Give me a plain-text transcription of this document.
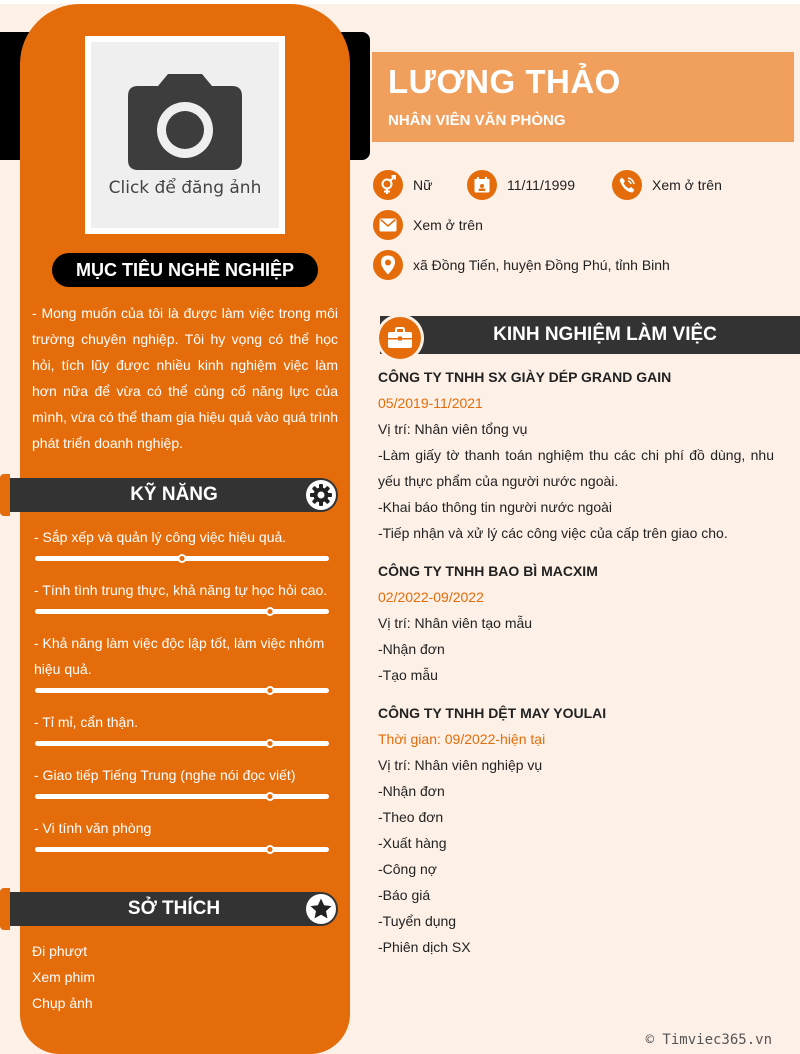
Click để đăng ảnh
MỤC TIÊU NGHỀ NGHIỆP
- Mong muốn của tôi là được làm việc trong môi trường chuyên nghiệp. Tôi hy vọng có thể học hỏi, tích lũy được nhiều kinh nghiệm việc làm hơn nữa để vừa có thể củng cố năng lực của mình, vừa có thể tham gia hiệu quả vào quá trình phát triển doanh nghiệp.
KỸ NĂNG
- Sắp xếp và quản lý công việc hiệu quả.
- Tính tình trung thực, khả năng tự học hỏi cao.
- Khả năng làm việc độc lập tốt, làm việc nhóm hiệu quả.
- Tỉ mỉ, cẩn thận.
- Giao tiếp Tiếng Trung (nghe nói đọc viết)
- Vi tính văn phòng
SỞ THÍCH
Đi phượt
Xem phim
Chụp ảnh
LƯƠNG THẢO
NHÂN VIÊN VĂN PHÒNG
Nữ	11/11/1999	Xem ở trên
Xem ở trên
xã Đồng Tiến, huyện Đồng Phú, tỉnh Binh
KINH NGHIỆM LÀM VIỆC
CÔNG TY TNHH SX GIÀY DÉP GRAND GAIN
05/2019-11/2021
Vị trí: Nhân viên tổng vụ
-Làm giấy tờ thanh toán nghiệm thu các chi phí đồ dùng, nhu yếu thực phẩm của người nước ngoài.
-Khai báo thông tin người nước ngoài
-Tiếp nhận và xử lý các công việc của cấp trên giao cho.
CÔNG TY TNHH BAO BÌ MACXIM
02/2022-09/2022
Vị trí: Nhân viên tạo mẫu
-Nhận đơn
-Tạo mẫu
CÔNG TY TNHH DỆT MAY YOULAI
Thời gian: 09/2022-hiện tại
Vị trí: Nhân viên nghiệp vụ
-Nhận đơn
-Theo đơn
-Xuất hàng
-Công nợ
-Báo giá
-Tuyển dụng
-Phiên dịch SX
© Timviec365.vn
